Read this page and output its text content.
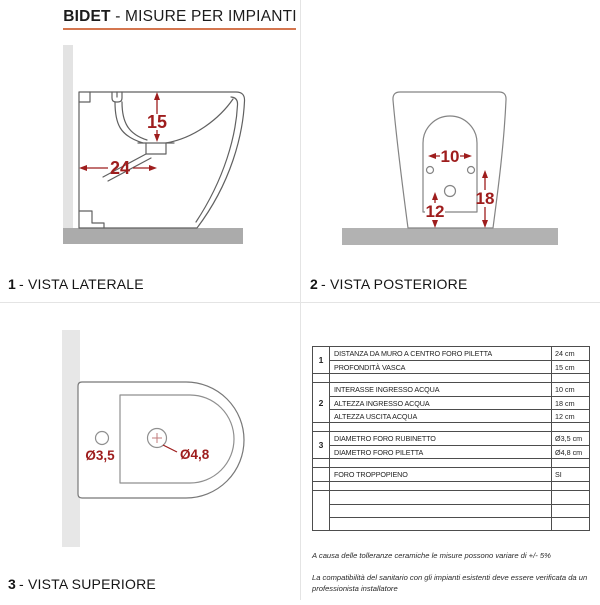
BIDET - MISURE PER IMPIANTI
15
24
1 - VISTA LATERALE
10
12
18
2 - VISTA POSTERIORE
Ø3,5	Ø4,8
3 - VISTA SUPERIORE
1
DISTANZA DA MURO A CENTRO FORO PILETTA	24 cm
PROFONDITÀ VASCA	15 cm
2
INTERASSE INGRESSO ACQUA	10 cm
ALTEZZA INGRESSO ACQUA	18 cm
ALTEZZA USCITA ACQUA	12 cm
3
DIAMETRO FORO RUBINETTO	Ø3,5 cm
DIAMETRO FORO PILETTA	Ø4,8 cm
FORO TROPPOPIENO	SI

A causa delle tolleranze ceramiche le misure possono variare di +/- 5%

La compatibilità del sanitario con gli impianti esistenti deve essere verificata da un professionista installatore
